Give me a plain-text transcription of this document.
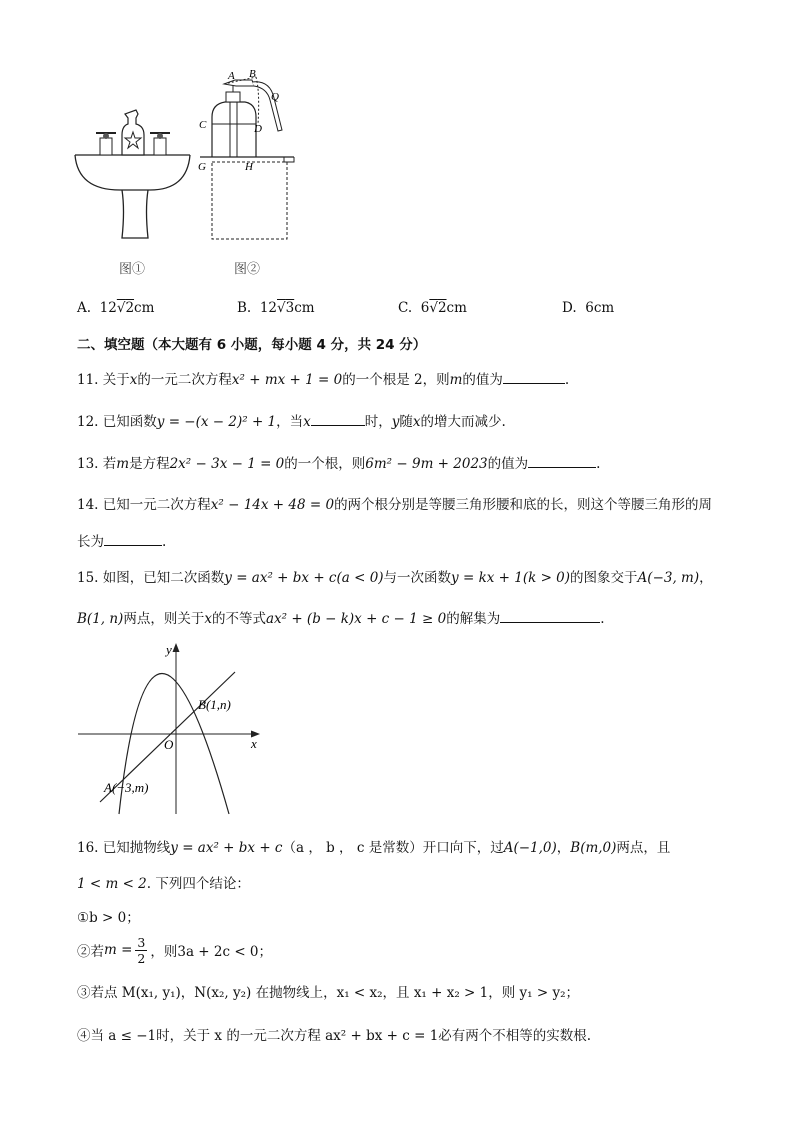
图①
A B
Q
C	D
G	H
图②
A. 12√2cm	B. 12√3cm	C. 6√2cm	D. 6cm
二、填空题（本大题有 6 小题，每小题 4 分，共 24 分）
11. 关于x的一元二次方程x² + mx + 1 = 0的一个根是 2，则m的值为	.
12. 已知函数y = −(x − 2)² + 1，当x	时，y随x的增大而减少.
13. 若m是方程2x² − 3x − 1 = 0的一个根，则6m² − 9m + 2023的值为	.
14. 已知一元二次方程x² − 14x + 48 = 0的两个根分别是等腰三角形腰和底的长，则这个等腰三角形的周
长为	.
15. 如图，已知二次函数y = ax² + bx + c(a < 0)与一次函数y = kx + 1(k > 0)的图象交于A(−3, m)，
B(1, n)两点，则关于x的不等式ax² + (b − k)x + c − 1 ≥ 0的解集为	.
y
x
O
B(1,n)
A(−3,m)
16. 已知抛物线y = ax² + bx + c（a ， b ， c 是常数）开口向下，过A(−1,0)，B(m,0)两点，且
1 < m < 2. 下列四个结论：
①b > 0；
②若 $m = \frac{3}{2}$ ，则3a + 2c < 0；
③若点 M(x₁, y₁)，N(x₂, y₂) 在抛物线上，x₁ < x₂，且 x₁ + x₂ > 1，则 y₁ > y₂；
④当 a ≤ −1时，关于 x 的一元二次方程 ax² + bx + c = 1必有两个不相等的实数根.
